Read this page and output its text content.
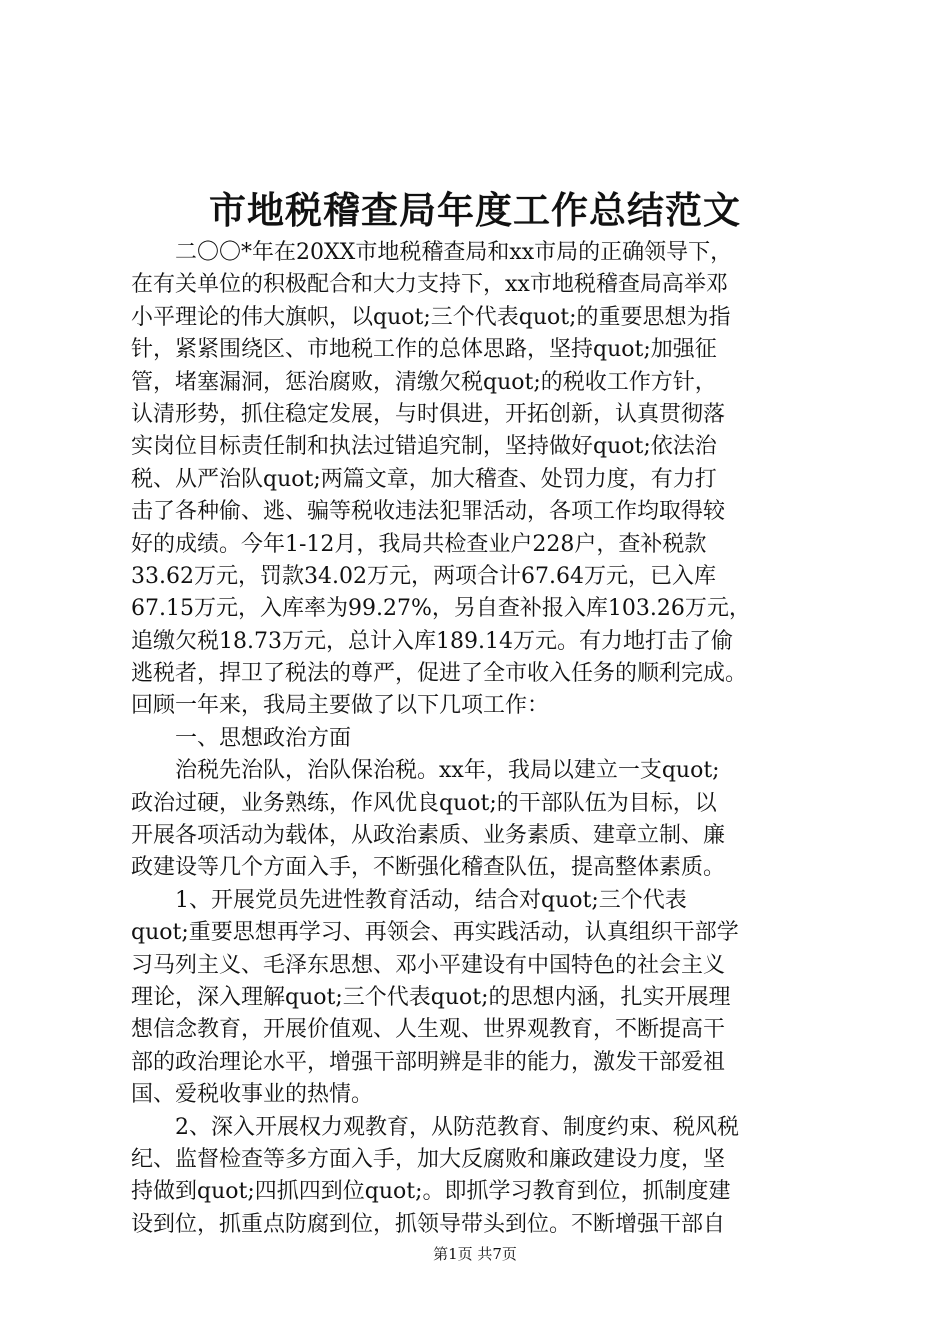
市地税稽查局年度工作总结范文
　　二〇〇*年在20XX市地税稽查局和xx市局的正确领导下，
在有关单位的积极配合和大力支持下，xx市地税稽查局高举邓
小平理论的伟大旗帜，以quot;三个代表quot;的重要思想为指
针，紧紧围绕区、市地税工作的总体思路，坚持quot;加强征
管，堵塞漏洞，惩治腐败，清缴欠税quot;的税收工作方针，
认清形势，抓住稳定发展，与时俱进，开拓创新，认真贯彻落
实岗位目标责任制和执法过错追究制，坚持做好quot;依法治
税、从严治队quot;两篇文章，加大稽查、处罚力度，有力打
击了各种偷、逃、骗等税收违法犯罪活动，各项工作均取得较
好的成绩。今年1-12月，我局共检查业户228户，查补税款
33.62万元，罚款34.02万元，两项合计67.64万元，已入库
67.15万元，入库率为99.27%，另自查补报入库103.26万元，
追缴欠税18.73万元，总计入库189.14万元。有力地打击了偷
逃税者，捍卫了税法的尊严，促进了全市收入任务的顺利完成。
回顾一年来，我局主要做了以下几项工作：
　　一、思想政治方面
　　治税先治队，治队保治税。xx年，我局以建立一支quot;
政治过硬，业务熟练，作风优良quot;的干部队伍为目标，以
开展各项活动为载体，从政治素质、业务素质、建章立制、廉
政建设等几个方面入手，不断强化稽查队伍，提高整体素质。
　　1、开展党员先进性教育活动，结合对quot;三个代表
quot;重要思想再学习、再领会、再实践活动，认真组织干部学
习马列主义、毛泽东思想、邓小平建设有中国特色的社会主义
理论，深入理解quot;三个代表quot;的思想内涵，扎实开展理
想信念教育，开展价值观、人生观、世界观教育，不断提高干
部的政治理论水平，增强干部明辨是非的能力，激发干部爱祖
国、爱税收事业的热情。
　　2、深入开展权力观教育，从防范教育、制度约束、税风税
纪、监督检查等多方面入手，加大反腐败和廉政建设力度，坚
持做到quot;四抓四到位quot;。即抓学习教育到位，抓制度建
设到位，抓重点防腐到位，抓领导带头到位。不断增强干部自
第1页 共7页
